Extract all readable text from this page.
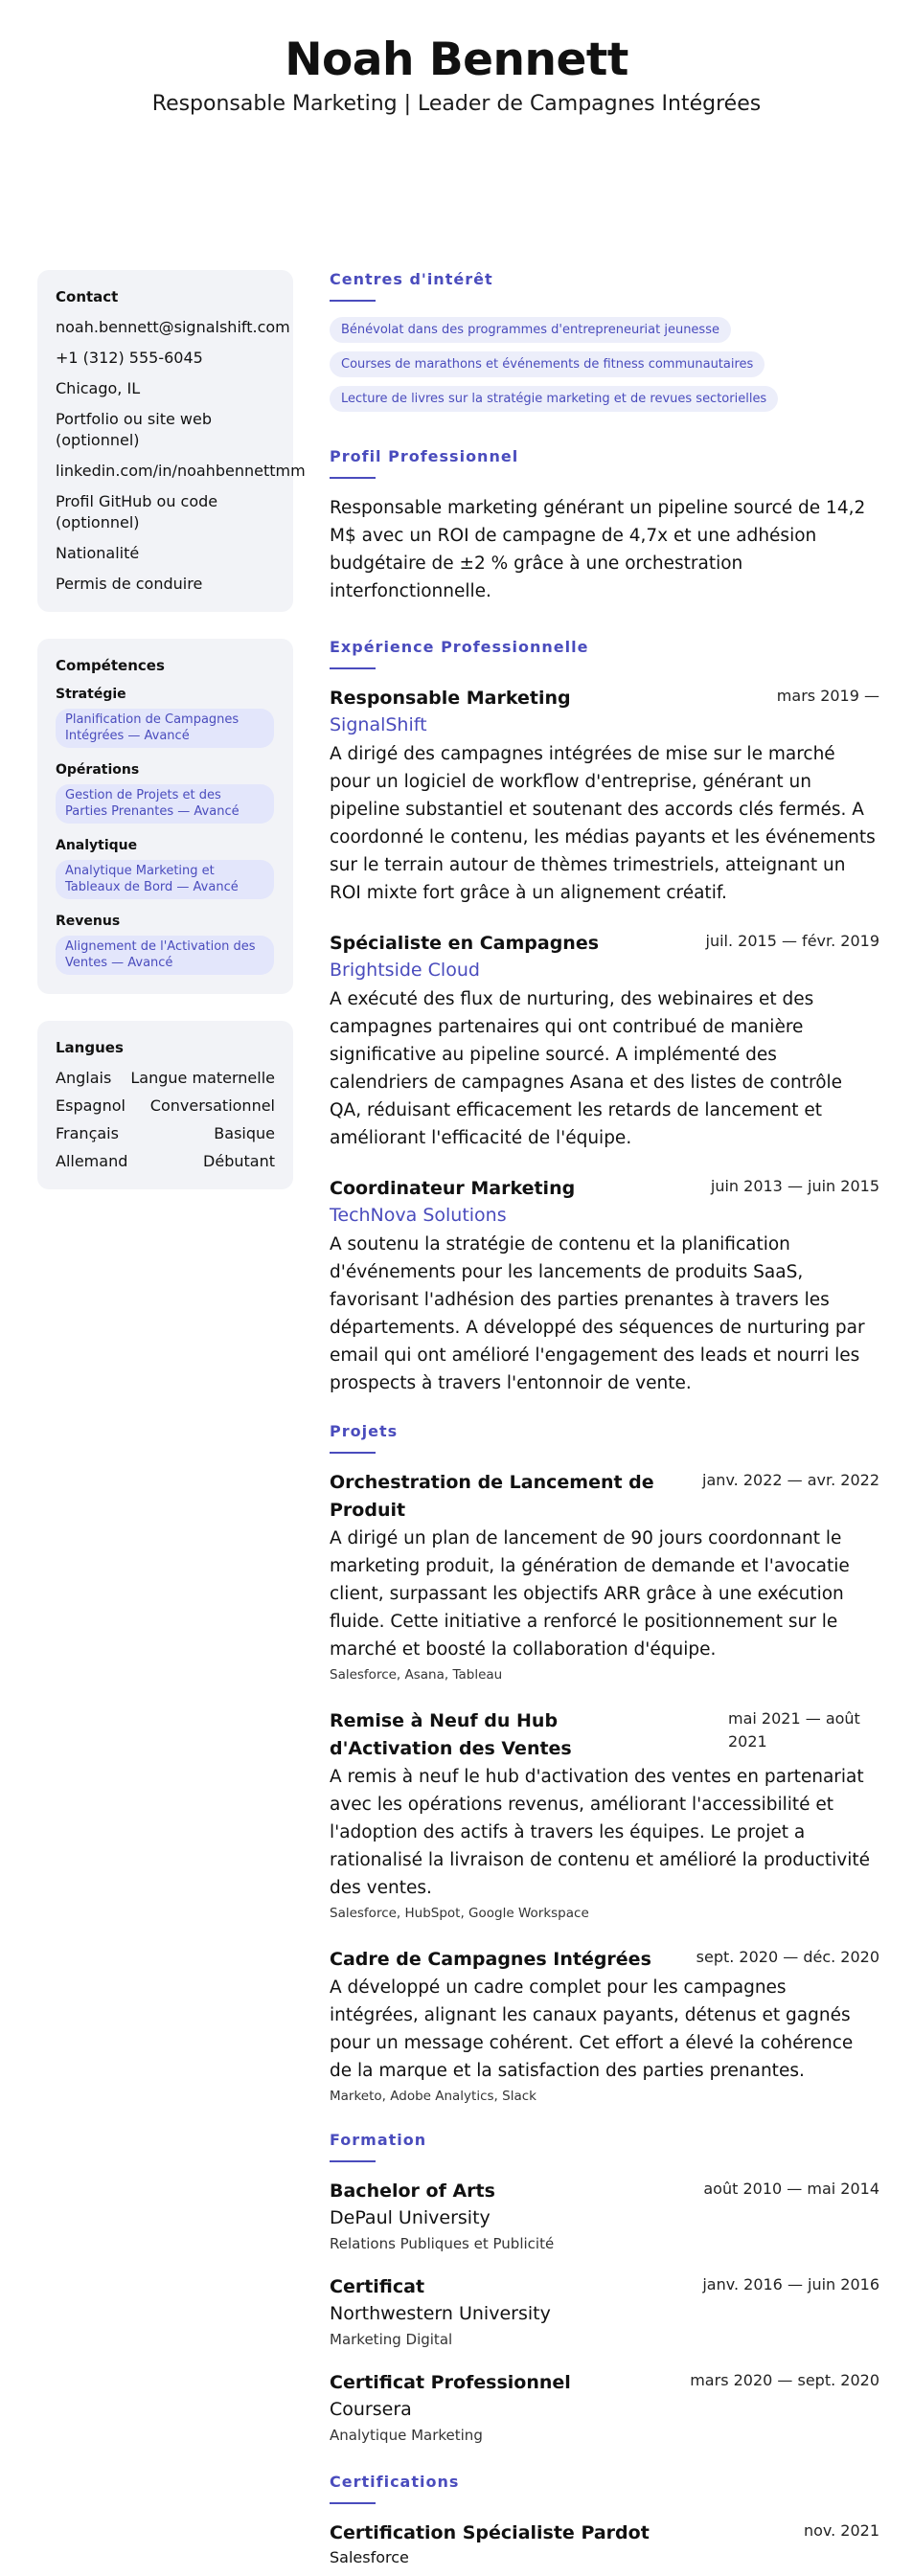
Noah Bennett
Responsable Marketing | Leader de Campagnes Intégrées
Contact
noah.bennett@signalshift.com
+1 (312) 555-6045
Chicago, IL
Portfolio ou site web (optionnel)
linkedin.com/in/noahbennettmm
Profil GitHub ou code (optionnel)
Nationalité
Permis de conduire
Compétences
Stratégie
Planification de Campagnes Intégrées — Avancé
Opérations
Gestion de Projets et des Parties Prenantes — Avancé
Analytique
Analytique Marketing et Tableaux de Bord — Avancé
Revenus
Alignement de l'Activation des Ventes — Avancé
Langues
Anglais Langue maternelle
Espagnol Conversationnel
Français	Basique
Allemand	Débutant
Centres d'intérêt
Bénévolat dans des programmes d'entrepreneuriat jeunesse
Courses de marathons et événements de fitness communautaires
Lecture de livres sur la stratégie marketing et de revues sectorielles
Profil Professionnel
Responsable marketing générant un pipeline sourcé de 14,2 M$ avec un ROI de campagne de 4,7x et une adhésion budgétaire de ±2 % grâce à une orchestration interfonctionnelle.
Expérience Professionnelle
Responsable Marketing	mars 2019 —
SignalShift
A dirigé des campagnes intégrées de mise sur le marché pour un logiciel de workflow d'entreprise, générant un pipeline substantiel et soutenant des accords clés fermés. A coordonné le contenu, les médias payants et les événements sur le terrain autour de thèmes trimestriels, atteignant un ROI mixte fort grâce à un alignement créatif.
Spécialiste en Campagnes	juil. 2015 — févr. 2019
Brightside Cloud
A exécuté des flux de nurturing, des webinaires et des campagnes partenaires qui ont contribué de manière significative au pipeline sourcé. A implémenté des calendriers de campagnes Asana et des listes de contrôle QA, réduisant efficacement les retards de lancement et améliorant l'efficacité de l'équipe.
Coordinateur Marketing	juin 2013 — juin 2015
TechNova Solutions
A soutenu la stratégie de contenu et la planification d'événements pour les lancements de produits SaaS, favorisant l'adhésion des parties prenantes à travers les départements. A développé des séquences de nurturing par email qui ont amélioré l'engagement des leads et nourri les prospects à travers l'entonnoir de vente.
Projets
Orchestration de Lancement de Produit
janv. 2022 — avr. 2022
A dirigé un plan de lancement de 90 jours coordonnant le marketing produit, la génération de demande et l'avocatie client, surpassant les objectifs ARR grâce à une exécution fluide. Cette initiative a renforcé le positionnement sur le marché et boosté la collaboration d'équipe.
Salesforce, Asana, Tableau
Remise à Neuf du Hub d'Activation des Ventes
mai 2021 — août 2021
A remis à neuf le hub d'activation des ventes en partenariat avec les opérations revenus, améliorant l'accessibilité et l'adoption des actifs à travers les équipes. Le projet a rationalisé la livraison de contenu et amélioré la productivité des ventes.
Salesforce, HubSpot, Google Workspace
Cadre de Campagnes Intégrées	sept. 2020 — déc. 2020
A développé un cadre complet pour les campagnes intégrées, alignant les canaux payants, détenus et gagnés pour un message cohérent. Cet effort a élevé la cohérence de la marque et la satisfaction des parties prenantes.
Marketo, Adobe Analytics, Slack
Formation
Bachelor of Arts	août 2010 — mai 2014
DePaul University
Relations Publiques et Publicité
Certificat	janv. 2016 — juin 2016
Northwestern University
Marketing Digital
Certificat Professionnel	mars 2020 — sept. 2020
Coursera
Analytique Marketing
Certifications
Certification Spécialiste Pardot	nov. 2021
Salesforce
